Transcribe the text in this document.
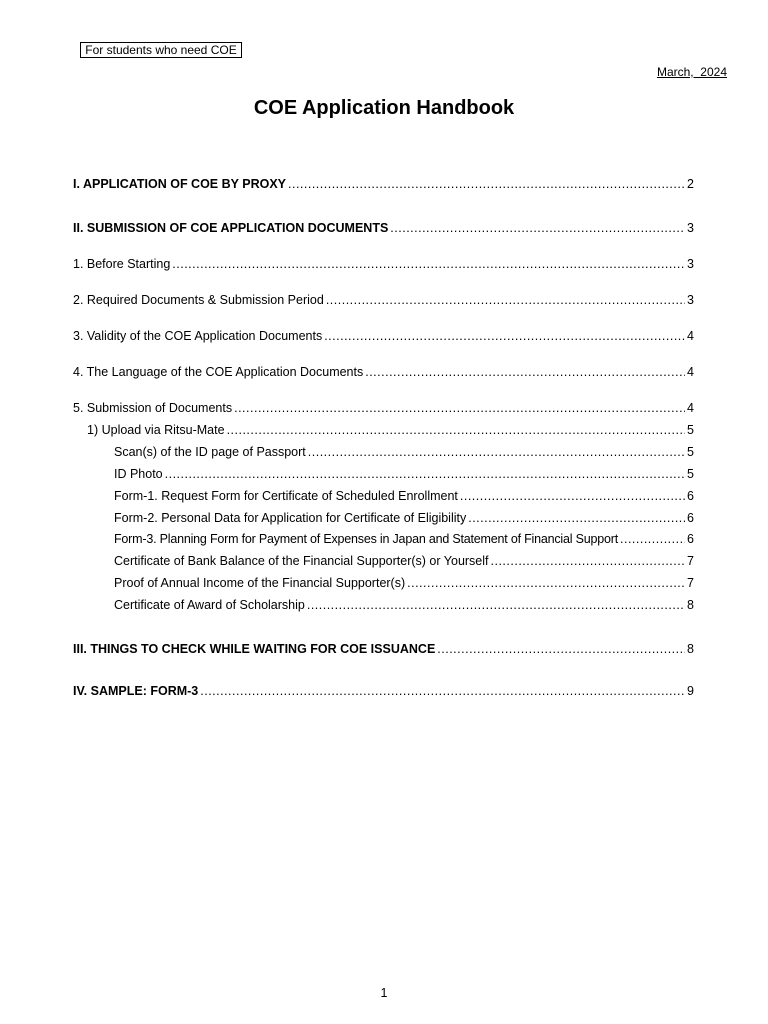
For students who need COE
March,  2024
COE Application Handbook
I. APPLICATION OF COE BY PROXY .....	2
II. SUBMISSION OF COE APPLICATION DOCUMENTS .....	3
1. Before Starting .....	3
2. Required Documents & Submission Period .....	3
3. Validity of the COE Application Documents .....	4
4. The Language of the COE Application Documents .....	4
5. Submission of Documents .....	4
1) Upload via Ritsu-Mate .....	5
Scan(s) of the ID page of Passport .....	5
ID Photo .....	5
Form-1. Request Form for Certificate of Scheduled Enrollment .....	6
Form-2. Personal Data for Application for Certificate of Eligibility .....	6
Form-3. Planning Form for Payment of Expenses in Japan and Statement of Financial Support .....	6
Certificate of Bank Balance of the Financial Supporter(s) or Yourself .....	7
Proof of Annual Income of the Financial Supporter(s) .....	7
Certificate of Award of Scholarship .....	8
III. THINGS TO CHECK WHILE WAITING FOR COE ISSUANCE .....	8
IV. SAMPLE: FORM-3 .....	9
1
